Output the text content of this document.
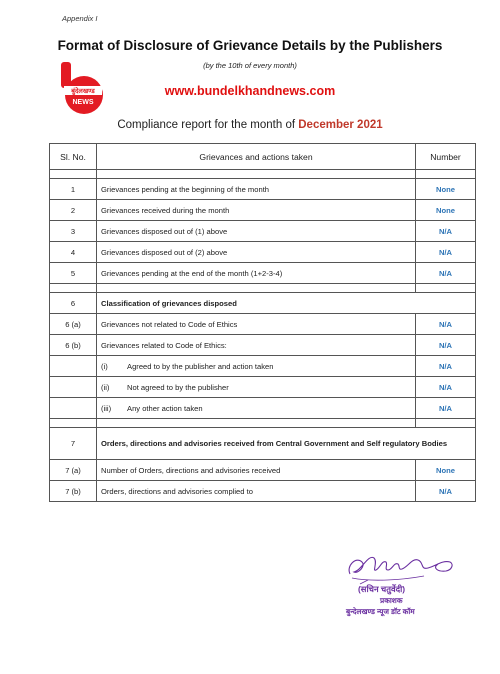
Appendix I
Format of Disclosure of Grievance Details by the Publishers
(by the 10th of every month)
बुंदेलखण्ड
NEWS
www.bundelkhandnews.com
Compliance report for the month of December 2021
Sl. No.	Grievances and actions taken	Number

1	Grievances pending at the beginning of the month	None
2	Grievances received during the month	None
3	Grievances disposed out of (1) above	N/A
4	Grievances disposed out of (2) above	N/A
5	Grievances pending at the end of the month (1+2-3-4)	N/A

6	Classification of grievances disposed	
6 (a)	Grievances not related to Code of Ethics	N/A
6 (b)	Grievances related to Code of Ethics:	N/A
	(i) Agreed to by the publisher and action taken	N/A
	(ii) Not agreed to by the publisher	N/A
	(iii) Any other action taken	N/A

7	Orders, directions and advisories received from Central Government and Self regulatory Bodies	
7 (a)	Number of Orders, directions and advisories received	None
7 (b)	Orders, directions and advisories complied to	N/A
(सचिन चतुर्वेदी)
प्रकाशक
बुन्देलखण्ड न्यूज डॉट कॉम
